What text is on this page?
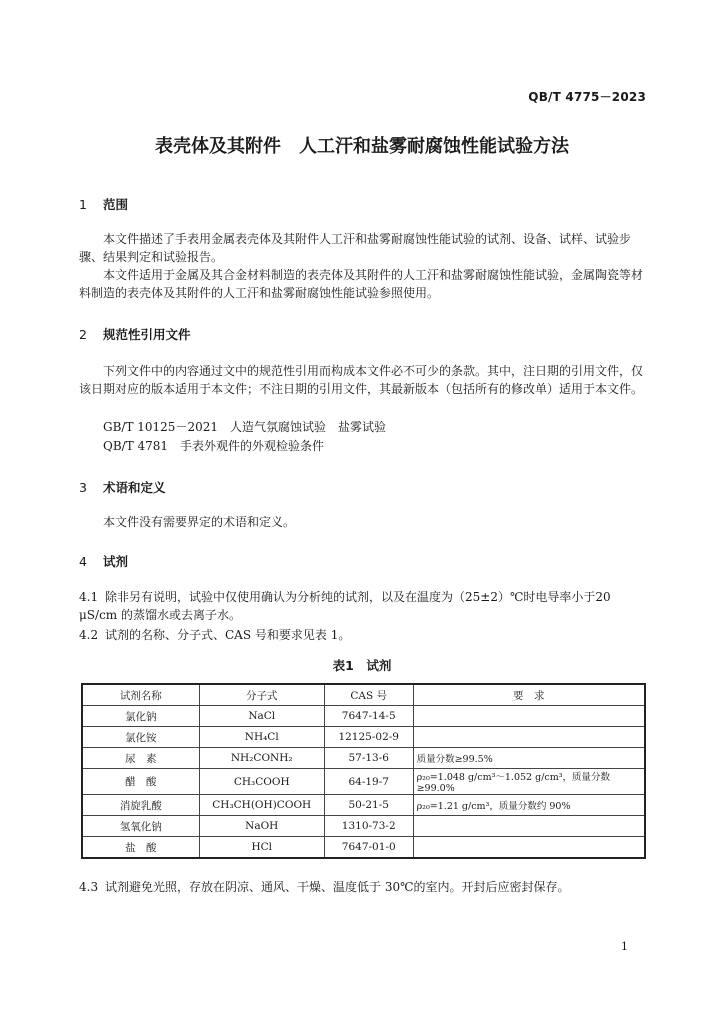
QB/T 4775－2023
表壳体及其附件　人工汗和盐雾耐腐蚀性能试验方法
1 范围
本文件描述了手表用金属表壳体及其附件人工汗和盐雾耐腐蚀性能试验的试剂、设备、试样、试验步骤、结果判定和试验报告。
本文件适用于金属及其合金材料制造的表壳体及其附件的人工汗和盐雾耐腐蚀性能试验，金属陶瓷等材料制造的表壳体及其附件的人工汗和盐雾耐腐蚀性能试验参照使用。
2 规范性引用文件
下列文件中的内容通过文中的规范性引用而构成本文件必不可少的条款。其中，注日期的引用文件，仅该日期对应的版本适用于本文件；不注日期的引用文件，其最新版本（包括所有的修改单）适用于本文件。
GB/T 10125－2021　人造气氛腐蚀试验　盐雾试验
QB/T 4781　手表外观件的外观检验条件
3 术语和定义
本文件没有需要界定的术语和定义。
4 试剂
4.1 除非另有说明，试验中仅使用确认为分析纯的试剂，以及在温度为（25±2）℃时电导率小于20 μS/cm 的蒸馏水或去离子水。
4.2 试剂的名称、分子式、CAS 号和要求见表 1。
表1　试剂
试剂名称	分子式	CAS 号	要　求
氯化钠	NaCl	7647-14-5	
氯化铵	NH₄Cl	12125-02-9	
尿　素	NH₂CONH₂	57-13-6	质量分数≥99.5%
醋　酸	CH₃COOH	64-19-7	ρ₂₀=1.048 g/cm³～1.052 g/cm³，质量分数≥99.0%
消旋乳酸	CH₃CH(OH)COOH	50-21-5	ρ₂₀=1.21 g/cm³，质量分数约 90%
氢氧化钠	NaOH	1310-73-2	
盐　酸	HCl	7647-01-0	
4.3 试剂避免光照，存放在阴凉、通风、干燥、温度低于 30℃的室内。开封后应密封保存。
1
